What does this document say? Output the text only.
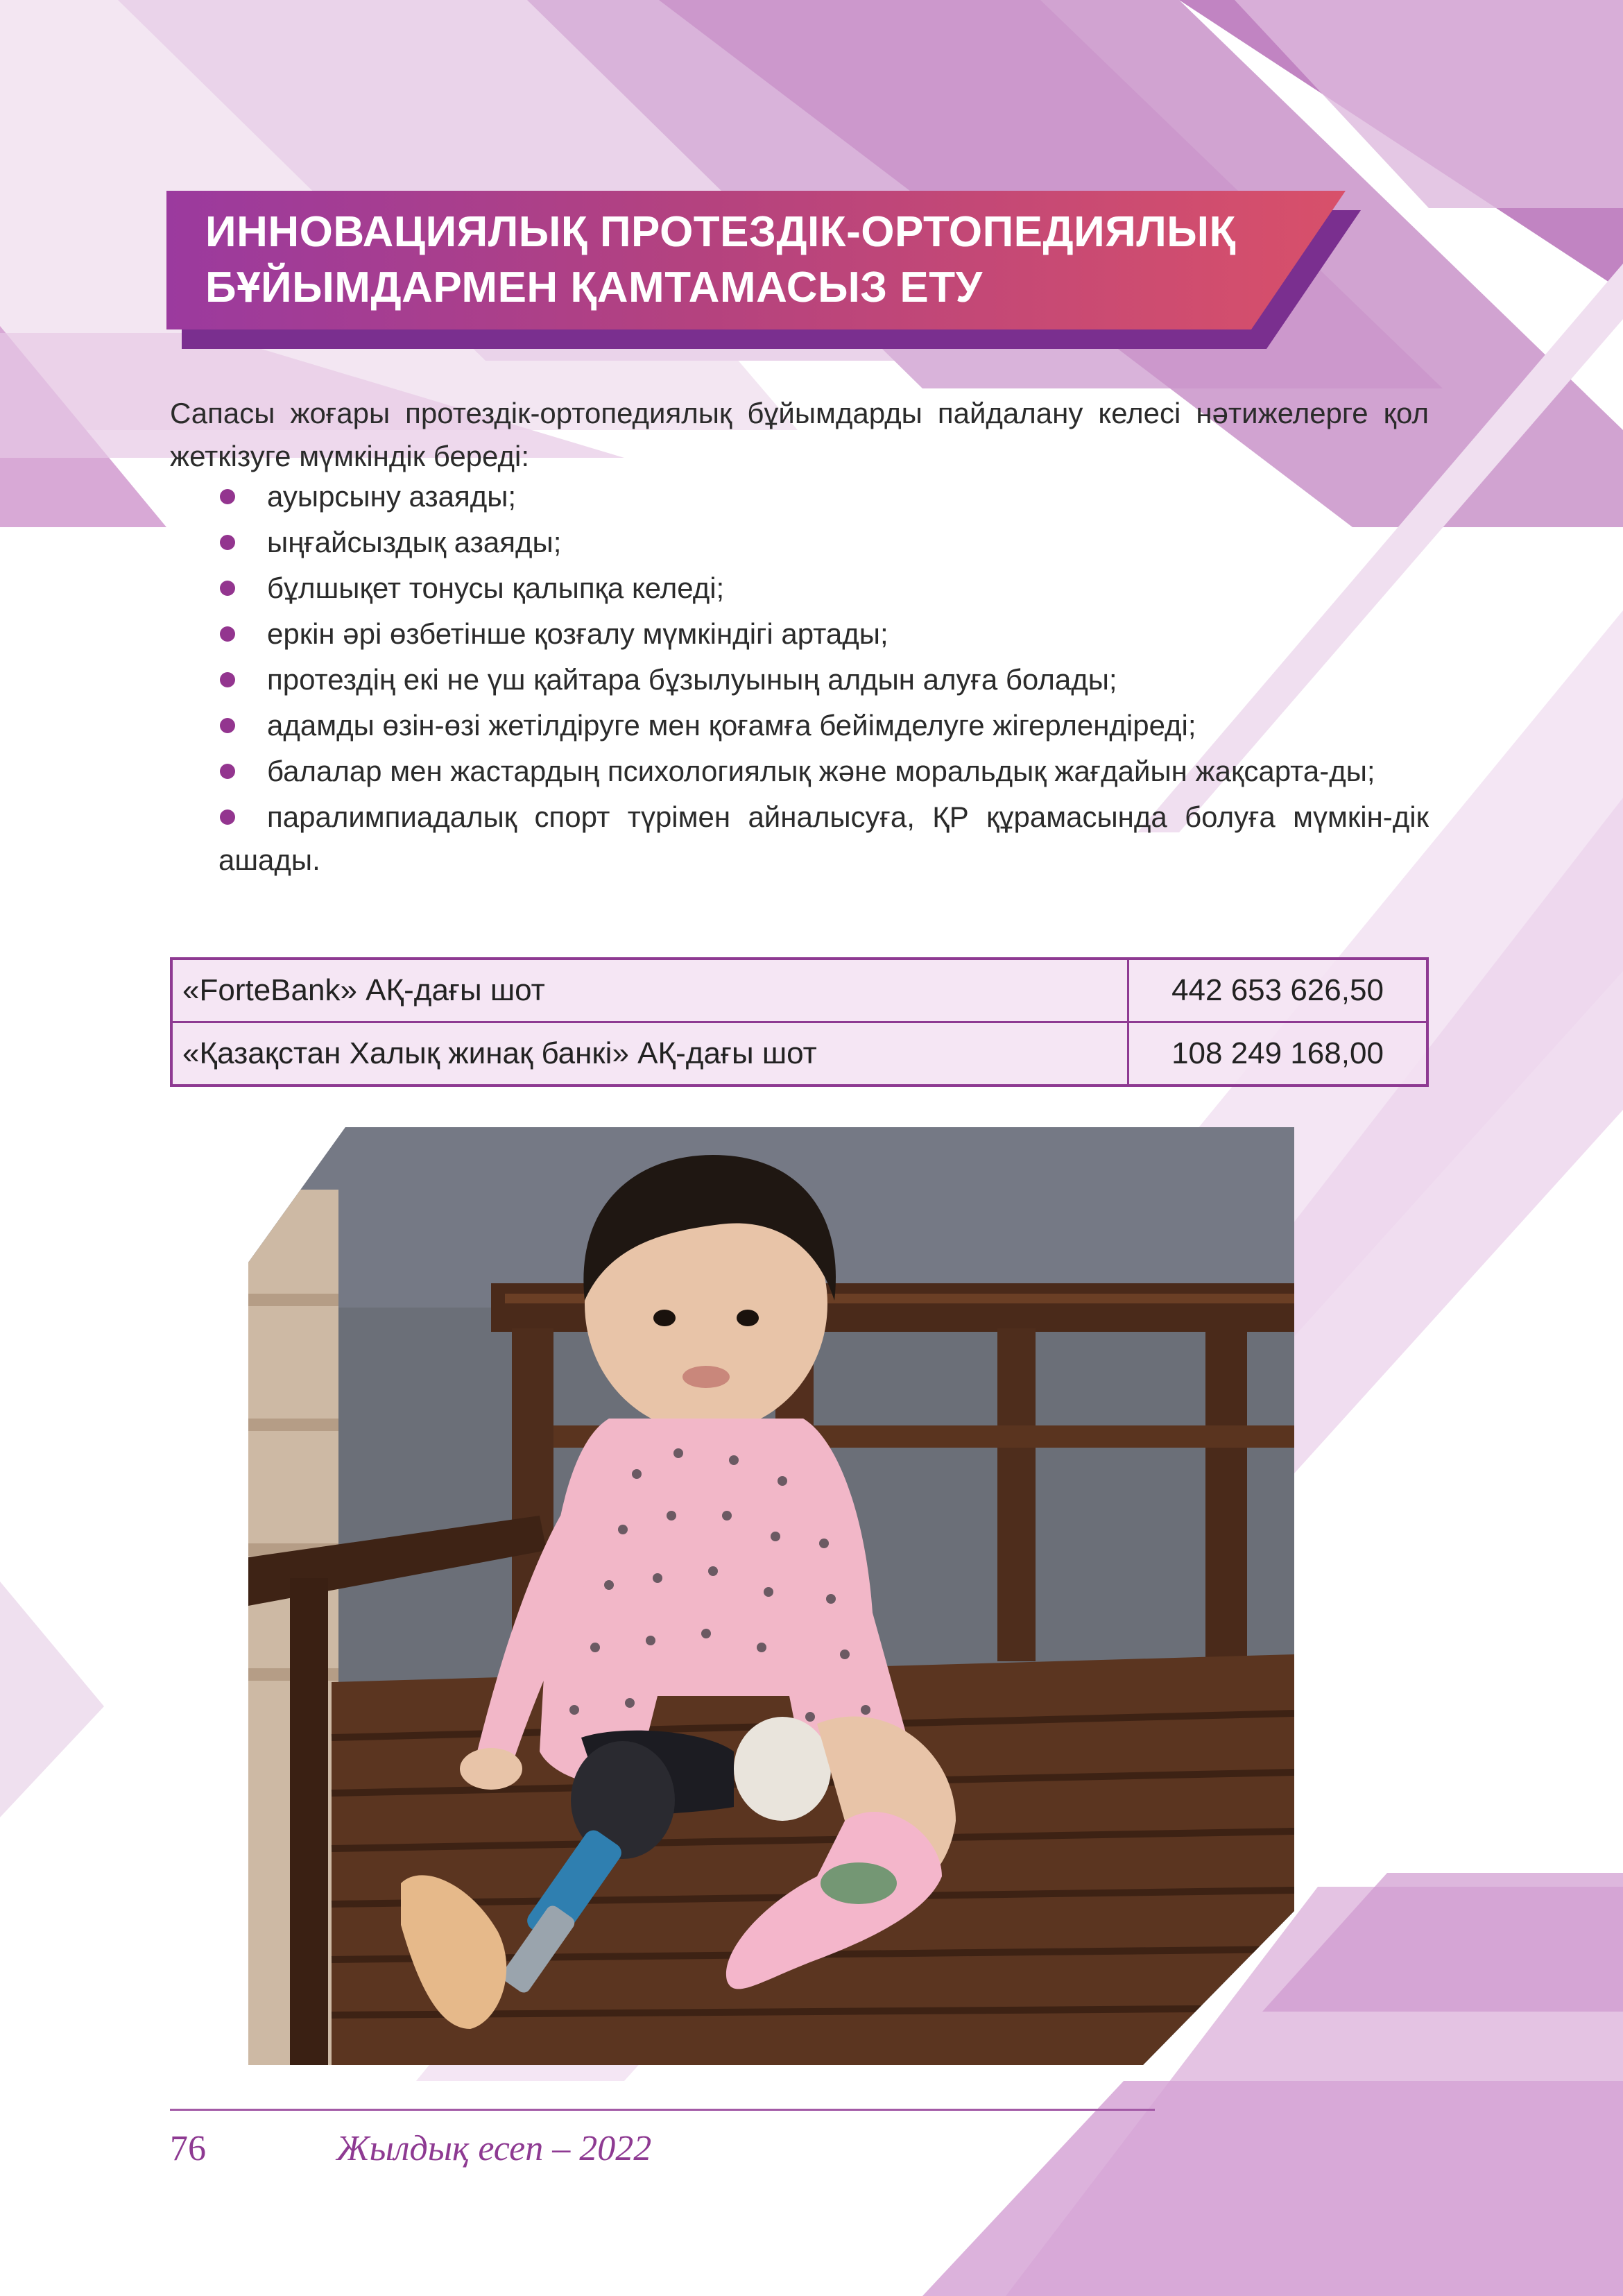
ИННОВАЦИЯЛЫҚ ПРОТЕЗДІК-ОРТОПЕДИЯЛЫҚ
БҰЙЫМДАРМЕН ҚАМТАМАСЫЗ ЕТУ
Сапасы жоғары протездік-ортопедиялық бұйымдарды пайдалану келесі нәтижелерге қол жеткізуге мүмкіндік береді:
ауырсыну азаяды;
ыңғайсыздық азаяды;
бұлшықет тонусы қалыпқа келеді;
еркін әрі өзбетінше қозғалу мүмкіндігі артады;
протездің екі не үш қайтара бұзылуының алдын алуға болады;
адамды өзін-өзі жетілдіруге мен қоғамға бейімделуге жігерлендіреді;
балалар мен жастардың психологиялық және моральдық жағдайын жақсарта-ды;
паралимпиадалық спорт түрімен айналысуға, ҚР құрамасында болуға мүмкін-дік ашады.
«ForteBank» АҚ-дағы шот	442 653 626,50
«Қазақстан Халық жинақ банкі» АҚ-дағы шот	108 249 168,00
76	Жылдық есеп – 2022
